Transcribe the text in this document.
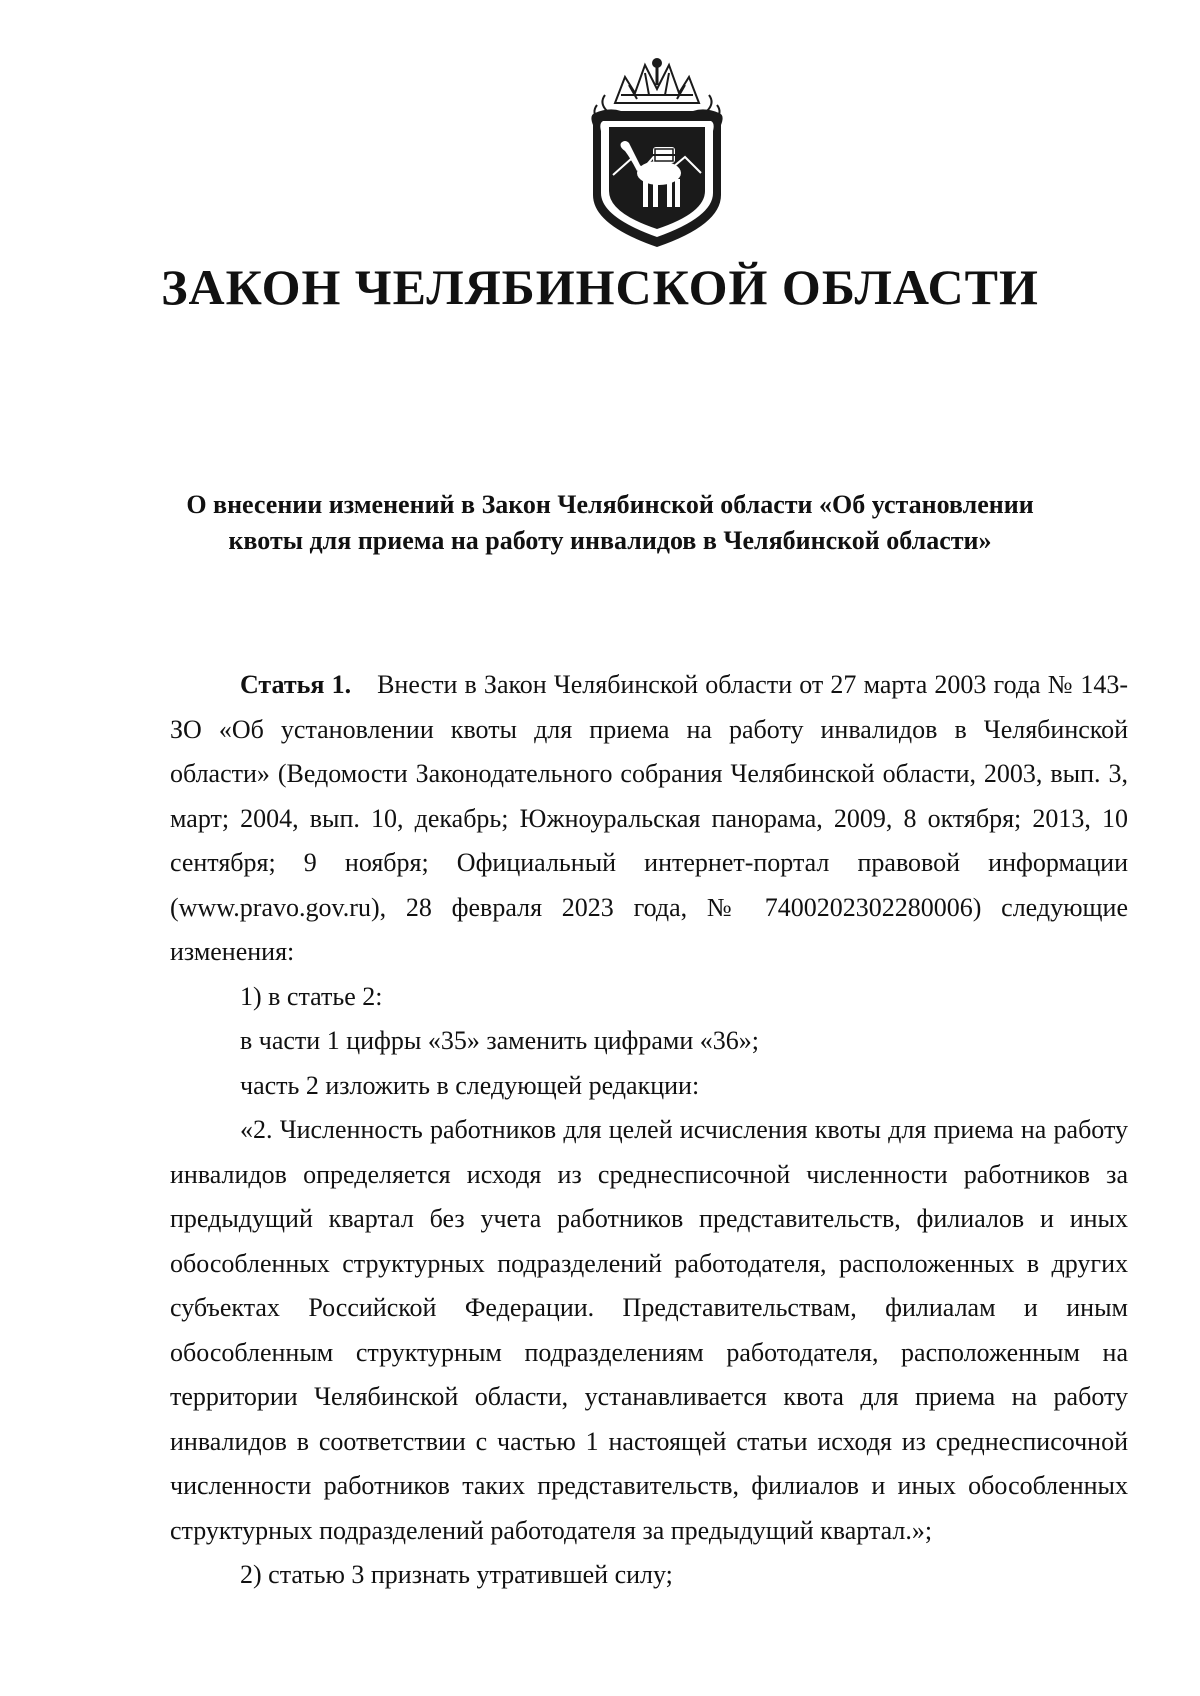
ЗАКОН ЧЕЛЯБИНСКОЙ ОБЛАСТИ
О внесении изменений в Закон Челябинской области «Об установлении
квоты для приема на работу инвалидов в Челябинской области»

Статья 1. Внести в Закон Челябинской области от 27 марта 2003 года № 143-ЗО «Об установлении квоты для приема на работу инвалидов в Челябинской области» (Ведомости Законодательного собрания Челябинской области, 2003, вып. 3, март; 2004, вып. 10, декабрь; Южноуральская панорама, 2009, 8 октября; 2013, 10 сентября; 9 ноября; Официальный интернет-портал правовой информации (www.pravo.gov.ru), 28 февраля 2023 года, № 7400202302280006) следующие изменения:

1) в статье 2:

в части 1 цифры «35» заменить цифрами «36»;

часть 2 изложить в следующей редакции:

«2. Численность работников для целей исчисления квоты для приема на работу инвалидов определяется исходя из среднесписочной численности работников за предыдущий квартал без учета работников представительств, филиалов и иных обособленных структурных подразделений работодателя, расположенных в других субъектах Российской Федерации. Представительствам, филиалам и иным обособленным структурным подразделениям работодателя, расположенным на территории Челябинской области, устанавливается квота для приема на работу инвалидов в соответствии с частью 1 настоящей статьи исходя из среднесписочной численности работников таких представительств, филиалов и иных обособленных структурных подразделений работодателя за предыдущий квартал.»;

2) статью 3 признать утратившей силу;
